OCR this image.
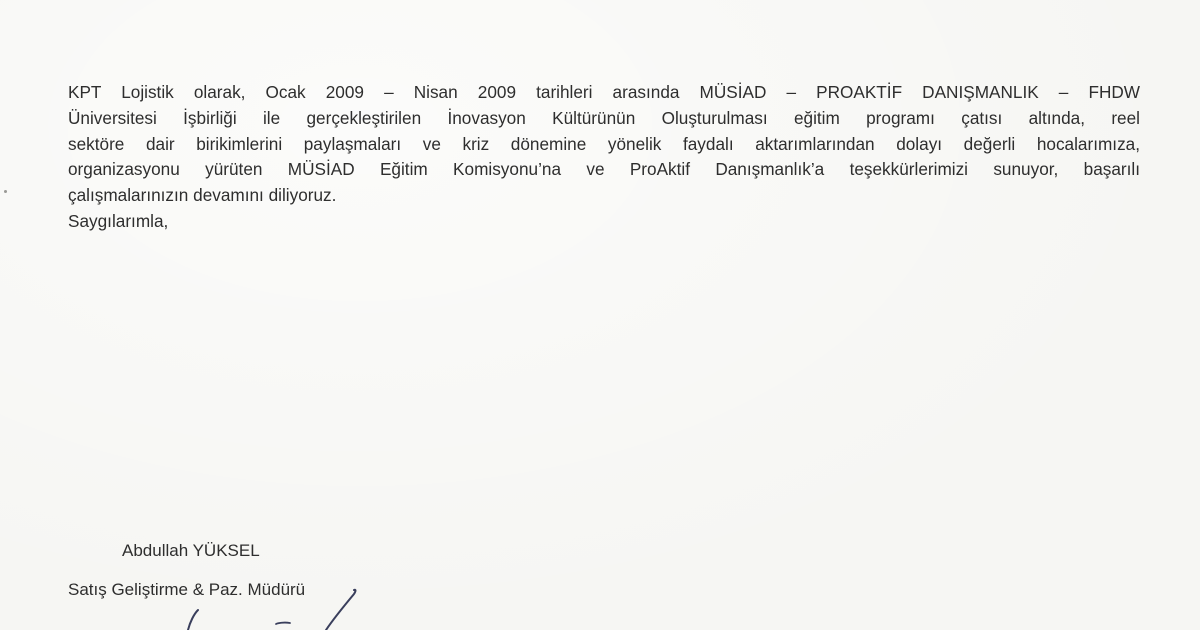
KPT Lojistik olarak, Ocak 2009 – Nisan 2009 tarihleri arasında MÜSİAD – PROAKTİF DANIŞMANLIK – FHDW
Üniversitesi İşbirliği ile gerçekleştirilen İnovasyon Kültürünün Oluşturulması eğitim programı çatısı altında, reel
sektöre dair birikimlerini paylaşmaları ve kriz dönemine yönelik faydalı aktarımlarından dolayı değerli hocalarımıza,
organizasyonu yürüten MÜSİAD Eğitim Komisyonu’na ve ProAktif Danışmanlık’a teşekkürlerimizi sunuyor, başarılı
çalışmalarınızın devamını diliyoruz.
Saygılarımla,
Abdullah YÜKSEL
Satış Geliştirme & Paz. Müdürü
